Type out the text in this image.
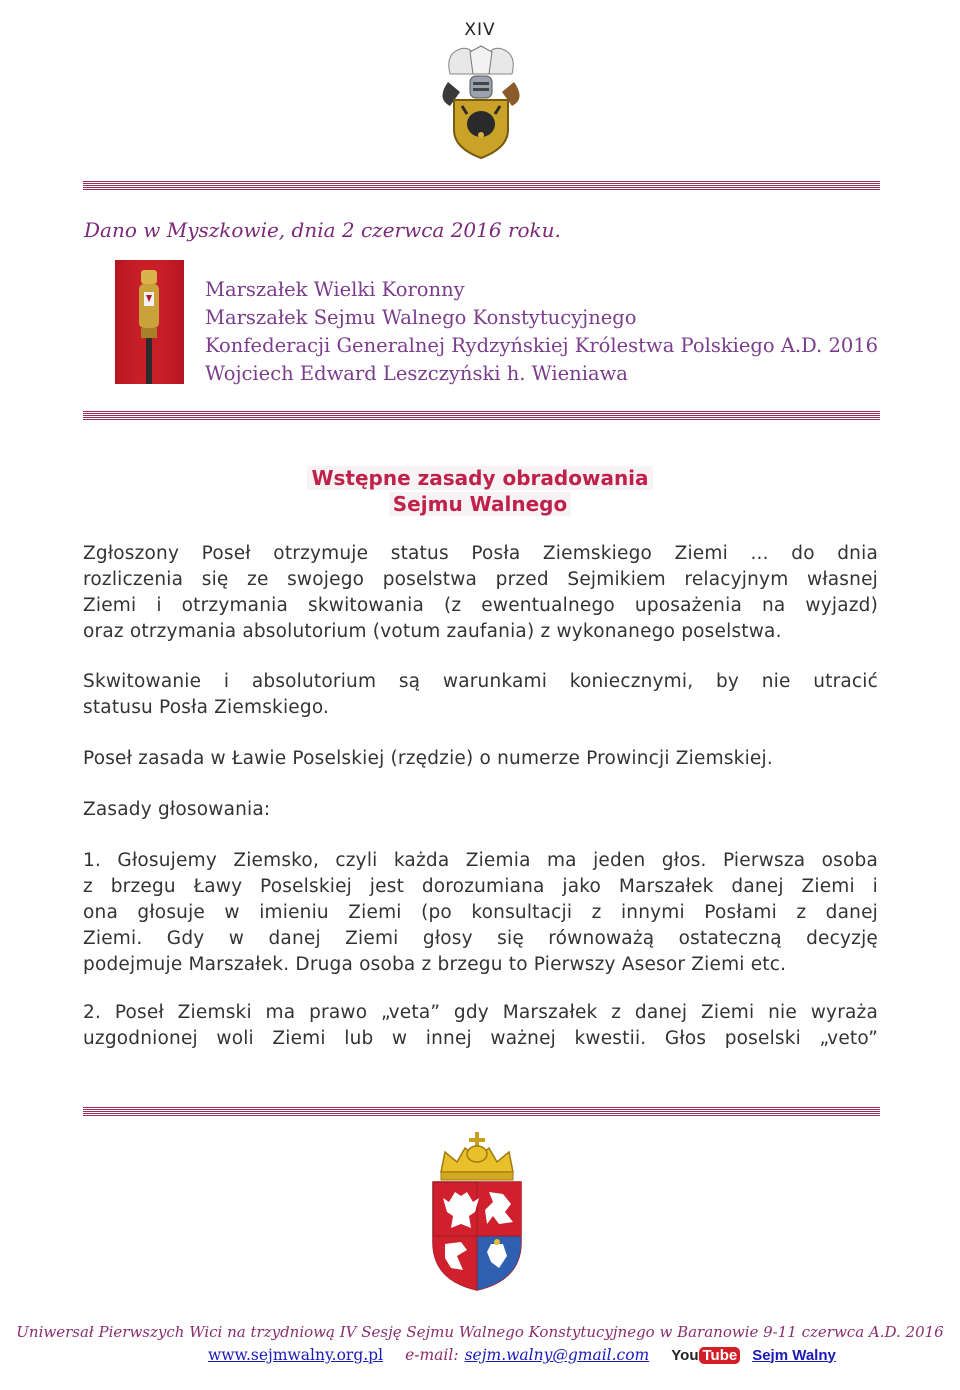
XIV
Dano w Myszkowie, dnia 2 czerwca 2016 roku.
Marszałek Wielki Koronny
Marszałek Sejmu Walnego Konstytucyjnego
Konfederacji Generalnej Rydzyńskiej Królestwa Polskiego A.D. 2016
Wojciech Edward Leszczyński h. Wieniawa
Wstępne zasady obradowania
Sejmu Walnego
Zgłoszony Poseł otrzymuje status Posła Ziemskiego Ziemi ... do dnia
rozliczenia się ze swojego poselstwa przed Sejmikiem relacyjnym własnej
Ziemi i otrzymania skwitowania (z ewentualnego uposażenia na wyjazd)
oraz otrzymania absolutorium (votum zaufania) z wykonanego poselstwa.
Skwitowanie i absolutorium są warunkami koniecznymi, by nie utracić
statusu Posła Ziemskiego.
Poseł zasada w Ławie Poselskiej (rzędzie) o numerze Prowincji Ziemskiej.
Zasady głosowania:
1. Głosujemy Ziemsko, czyli każda Ziemia ma jeden głos. Pierwsza osoba
z brzegu Ławy Poselskiej jest dorozumiana jako Marszałek danej Ziemi i
ona głosuje w imieniu Ziemi (po konsultacji z innymi Posłami z danej
Ziemi. Gdy w danej Ziemi głosy się równoważą ostateczną decyzję
podejmuje Marszałek. Druga osoba z brzegu to Pierwszy Asesor Ziemi etc.
2. Poseł Ziemski ma prawo „veta” gdy Marszałek z danej Ziemi nie wyraża
uzgodnionej woli Ziemi lub w innej ważnej kwestii. Głos poselski „veto”
Uniwersał Pierwszych Wici na trzydniową IV Sesję Sejmu Walnego Konstytucyjnego w Baranowie 9-11 czerwca A.D. 2016
www.sejmwalny.org.pl e-mail: sejm.walny@gmail.com You Tube Sejm Walny
